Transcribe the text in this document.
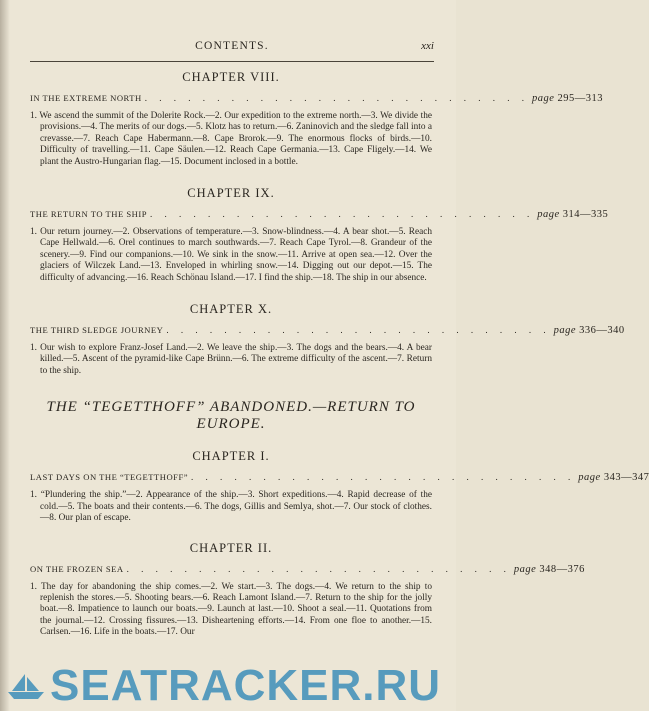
CONTENTS.	xxi

CHAPTER VIII.

IN THE EXTREME NORTH . . . . . . . . . . . . . . . . . . . . . . . . . . . page 295—313

1. We ascend the summit of the Dolerite Rock.—2. Our expedition to the extreme north.—3. We divide the provisions.—4. The merits of our dogs.—5. Klotz has to return.—6. Zaninovich and the sledge fall into a crevasse.—7. Reach Cape Habermann.—8. Cape Brorok.—9. The enormous flocks of birds.—10. Difficulty of travelling.—11. Cape Säulen.—12. Reach Cape Germania.—13. Cape Fligely.—14. We plant the Austro-Hungarian flag.—15. Document inclosed in a bottle.

CHAPTER IX.

THE RETURN TO THE SHIP . . . . . . . . . . . . . . . . . . . . . . . . . . . page 314—335

1. Our return journey.—2. Observations of temperature.—3. Snow-blindness.—4. A bear shot.—5. Reach Cape Hellwald.—6. Orel continues to march southwards.—7. Reach Cape Tyrol.—8. Grandeur of the scenery.—9. Find our companions.—10. We sink in the snow.—11. Arrive at open sea.—12. Over the glaciers of Wilczek Land.—13. Enveloped in whirling snow.—14. Digging out our depot.—15. The difficulty of advancing.—16. Reach Schönau Island.—17. I find the ship.—18. The ship in our absence.

CHAPTER X.

THE THIRD SLEDGE JOURNEY . . . . . . . . . . . . . . . . . . . . . . . . . . . page 336—340

1. Our wish to explore Franz-Josef Land.—2. We leave the ship.—3. The dogs and the bears.—4. A bear killed.—5. Ascent of the pyramid-like Cape Brünn.—6. The extreme difficulty of the ascent.—7. Return to the ship.

THE “TEGETTHOFF” ABANDONED.—RETURN TO EUROPE.

CHAPTER I.

LAST DAYS ON THE “TEGETTHOFF” . . . . . . . . . . . . . . . . . . . . . . . . . . . page 343—347

1. “Plundering the ship.”—2. Appearance of the ship.—3. Short expeditions.—4. Rapid decrease of the cold.—5. The boats and their contents.—6. The dogs, Gillis and Semlya, shot.—7. Our stock of clothes.—8. Our plan of escape.

CHAPTER II.

ON THE FROZEN SEA . . . . . . . . . . . . . . . . . . . . . . . . . . . page 348—376

1. The day for abandoning the ship comes.—2. We start.—3. The dogs.—4. We return to the ship to replenish the stores.—5. Shooting bears.—6. Reach Lamont Island.—7. Return to the ship for the jolly boat.—8. Impatience to launch our boats.—9. Launch at last.—10. Shoot a seal.—11. Quotations from the journal.—12. Crossing fissures.—13. Disheartening efforts.—14. From one floe to another.—15. Carlsen.—16. Life in the boats.—17. Our

SEATRACKER.RU
